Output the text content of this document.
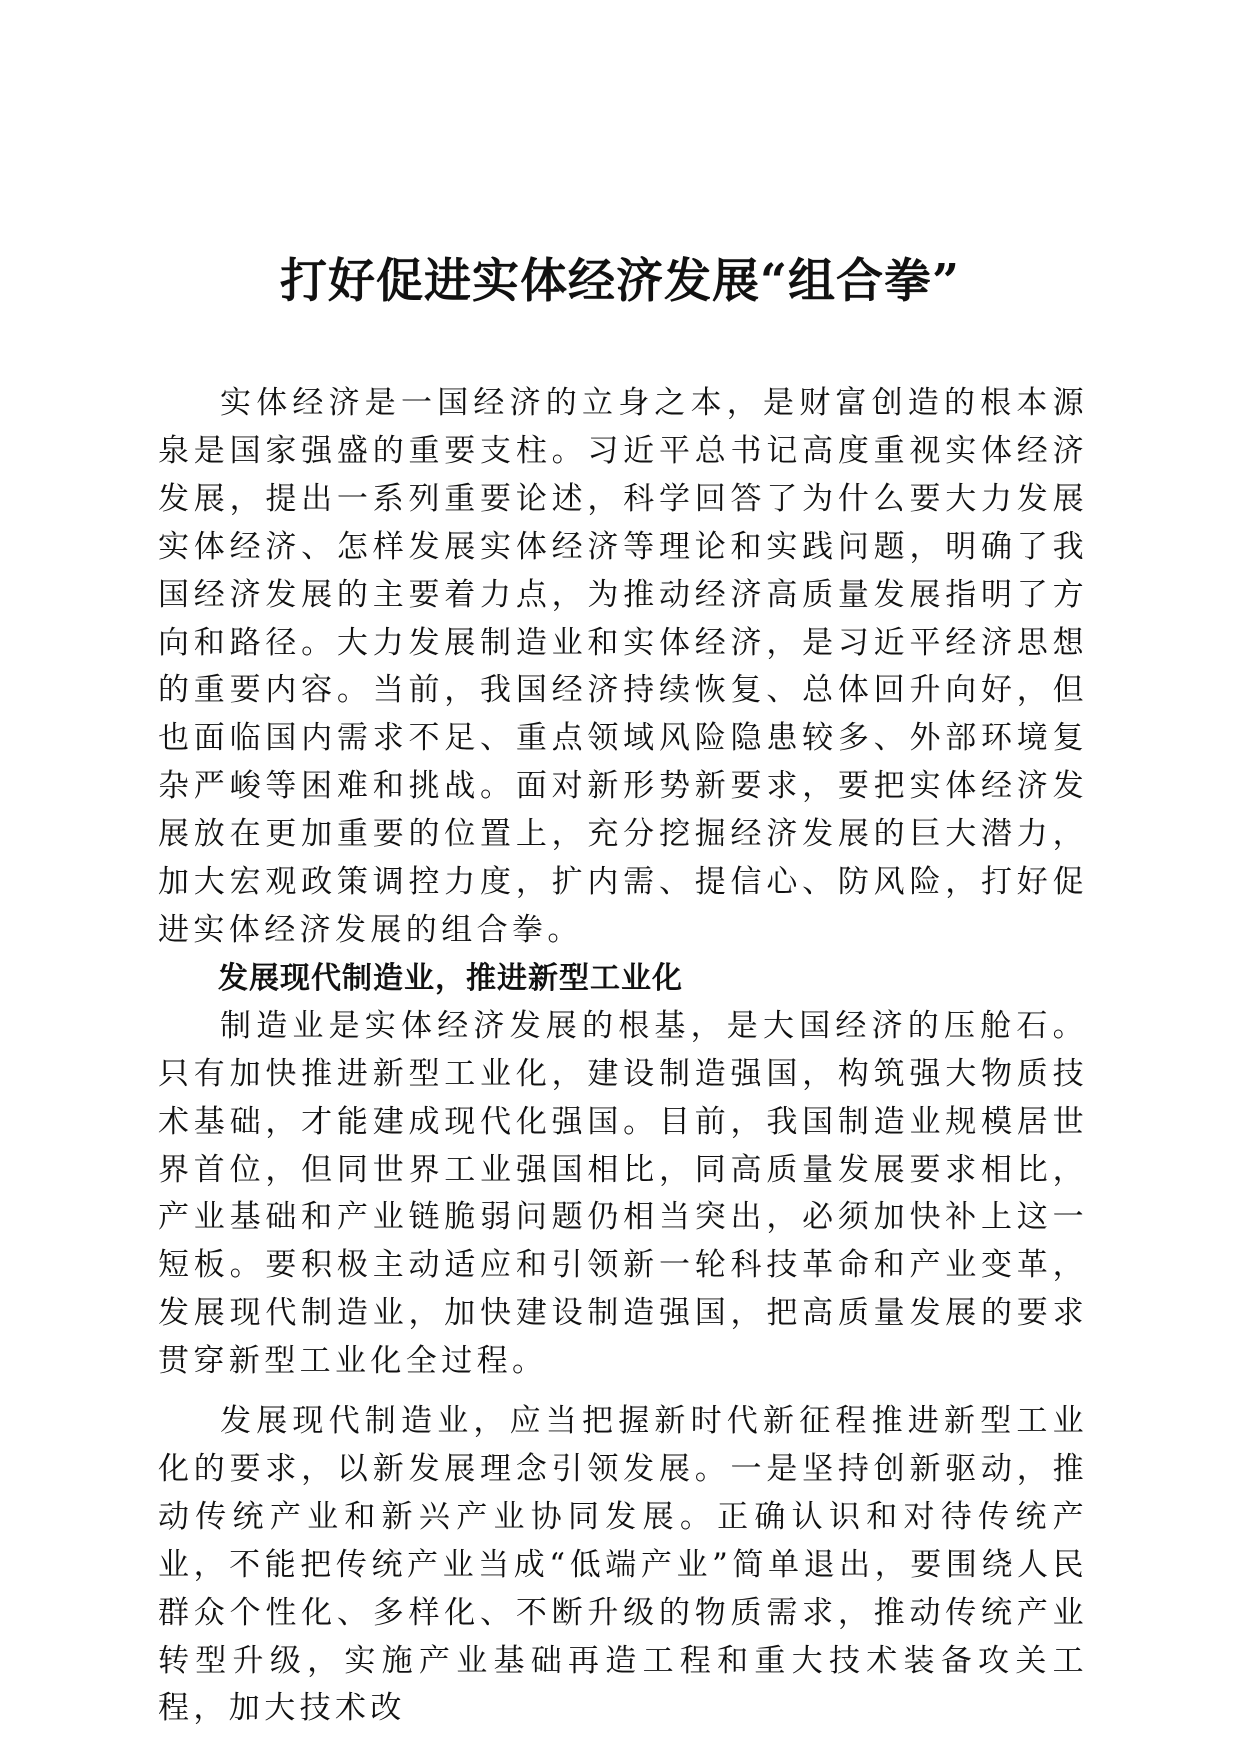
打好促进实体经济发展“组合拳”

实体经济是一国经济的立身之本，是财富创造的根本源泉是国家强盛的重要支柱。习近平总书记高度重视实体经济发展，提出一系列重要论述，科学回答了为什么要大力发展实体经济、怎样发展实体经济等理论和实践问题，明确了我国经济发展的主要着力点，为推动经济高质量发展指明了方向和路径。大力发展制造业和实体经济，是习近平经济思想的重要内容。当前，我国经济持续恢复、总体回升向好，但也面临国内需求不足、重点领域风险隐患较多、外部环境复杂严峻等困难和挑战。面对新形势新要求，要把实体经济发展放在更加重要的位置上，充分挖掘经济发展的巨大潜力，加大宏观政策调控力度，扩内需、提信心、防风险，打好促进实体经济发展的组合拳。

发展现代制造业，推进新型工业化

制造业是实体经济发展的根基，是大国经济的压舱石。只有加快推进新型工业化，建设制造强国，构筑强大物质技术基础，才能建成现代化强国。目前，我国制造业规模居世界首位，但同世界工业强国相比，同高质量发展要求相比，产业基础和产业链脆弱问题仍相当突出，必须加快补上这一短板。要积极主动适应和引领新一轮科技革命和产业变革，发展现代制造业，加快建设制造强国，把高质量发展的要求贯穿新型工业化全过程。

发展现代制造业，应当把握新时代新征程推进新型工业化的要求，以新发展理念引领发展。一是坚持创新驱动，推动传统产业和新兴产业协同发展。正确认识和对待传统产业，不能把传统产业当成“低端产业”简单退出，要围绕人民群众个性化、多样化、不断升级的物质需求，推动传统产业转型升级，实施产业基础再造工程和重大技术装备攻关工程，加大技术改
